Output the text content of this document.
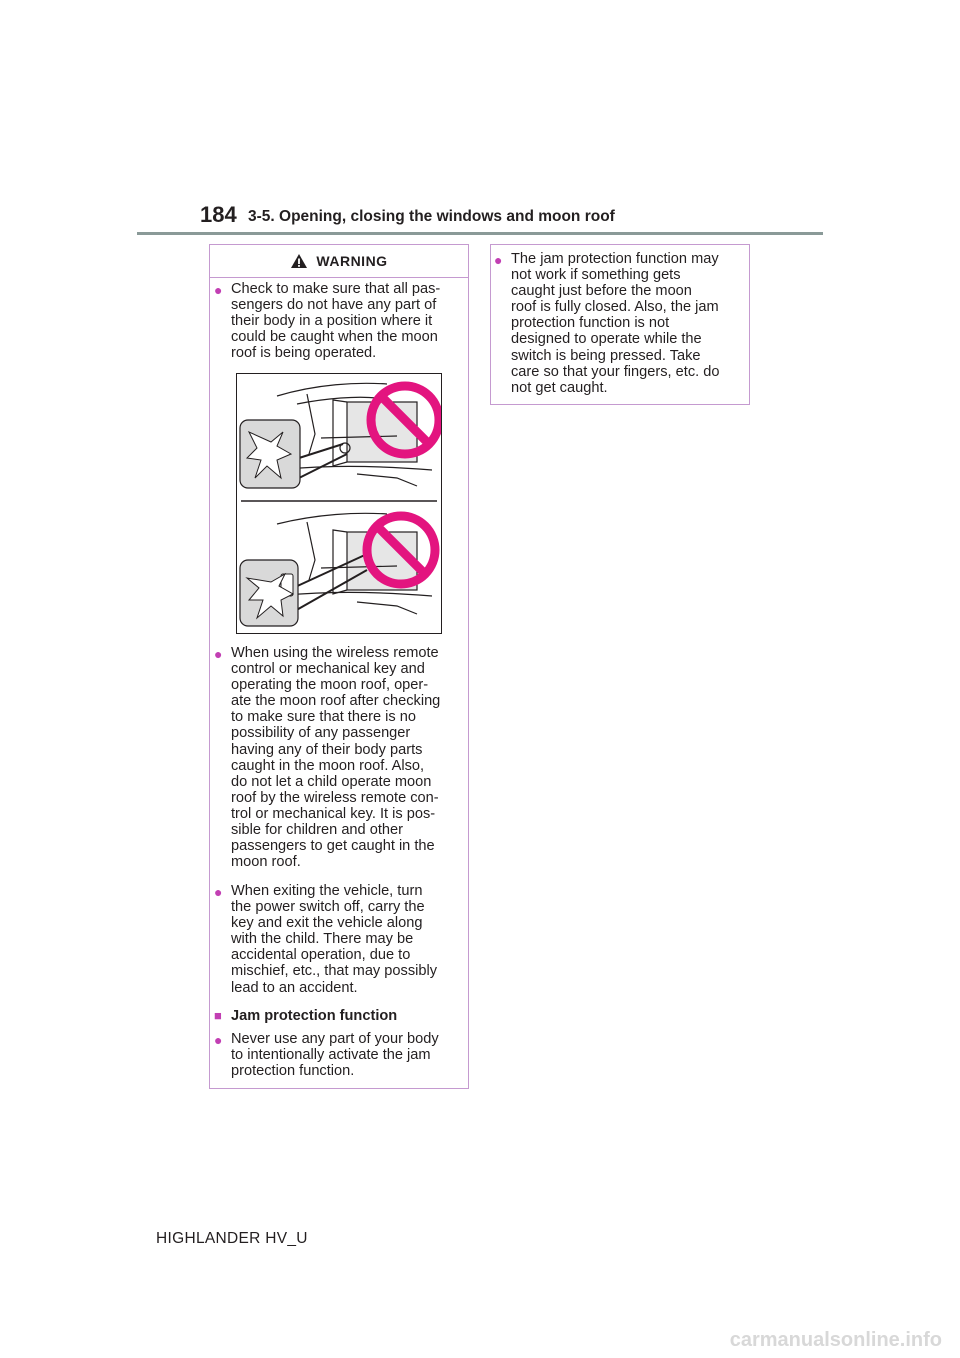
184 3-5. Opening, closing the windows and moon roof
WARNING
● Check to make sure that all pas-
sengers do not have any part of
their body in a position where it
could be caught when the moon
roof is being operated.
● When using the wireless remote
control or mechanical key and
operating the moon roof, oper-
ate the moon roof after checking
to make sure that there is no
possibility of any passenger
having any of their body parts
caught in the moon roof. Also,
do not let a child operate moon
roof by the wireless remote con-
trol or mechanical key. It is pos-
sible for children and other
passengers to get caught in the
moon roof.
● When exiting the vehicle, turn
the power switch off, carry the
key and exit the vehicle along
with the child. There may be
accidental operation, due to
mischief, etc., that may possibly
lead to an accident.
■ Jam protection function
● Never use any part of your body
to intentionally activate the jam
protection function.
● The jam protection function may
not work if something gets
caught just before the moon
roof is fully closed. Also, the jam
protection function is not
designed to operate while the
switch is being pressed. Take
care so that your fingers, etc. do
not get caught.
HIGHLANDER HV_U
carmanualsonline.info
